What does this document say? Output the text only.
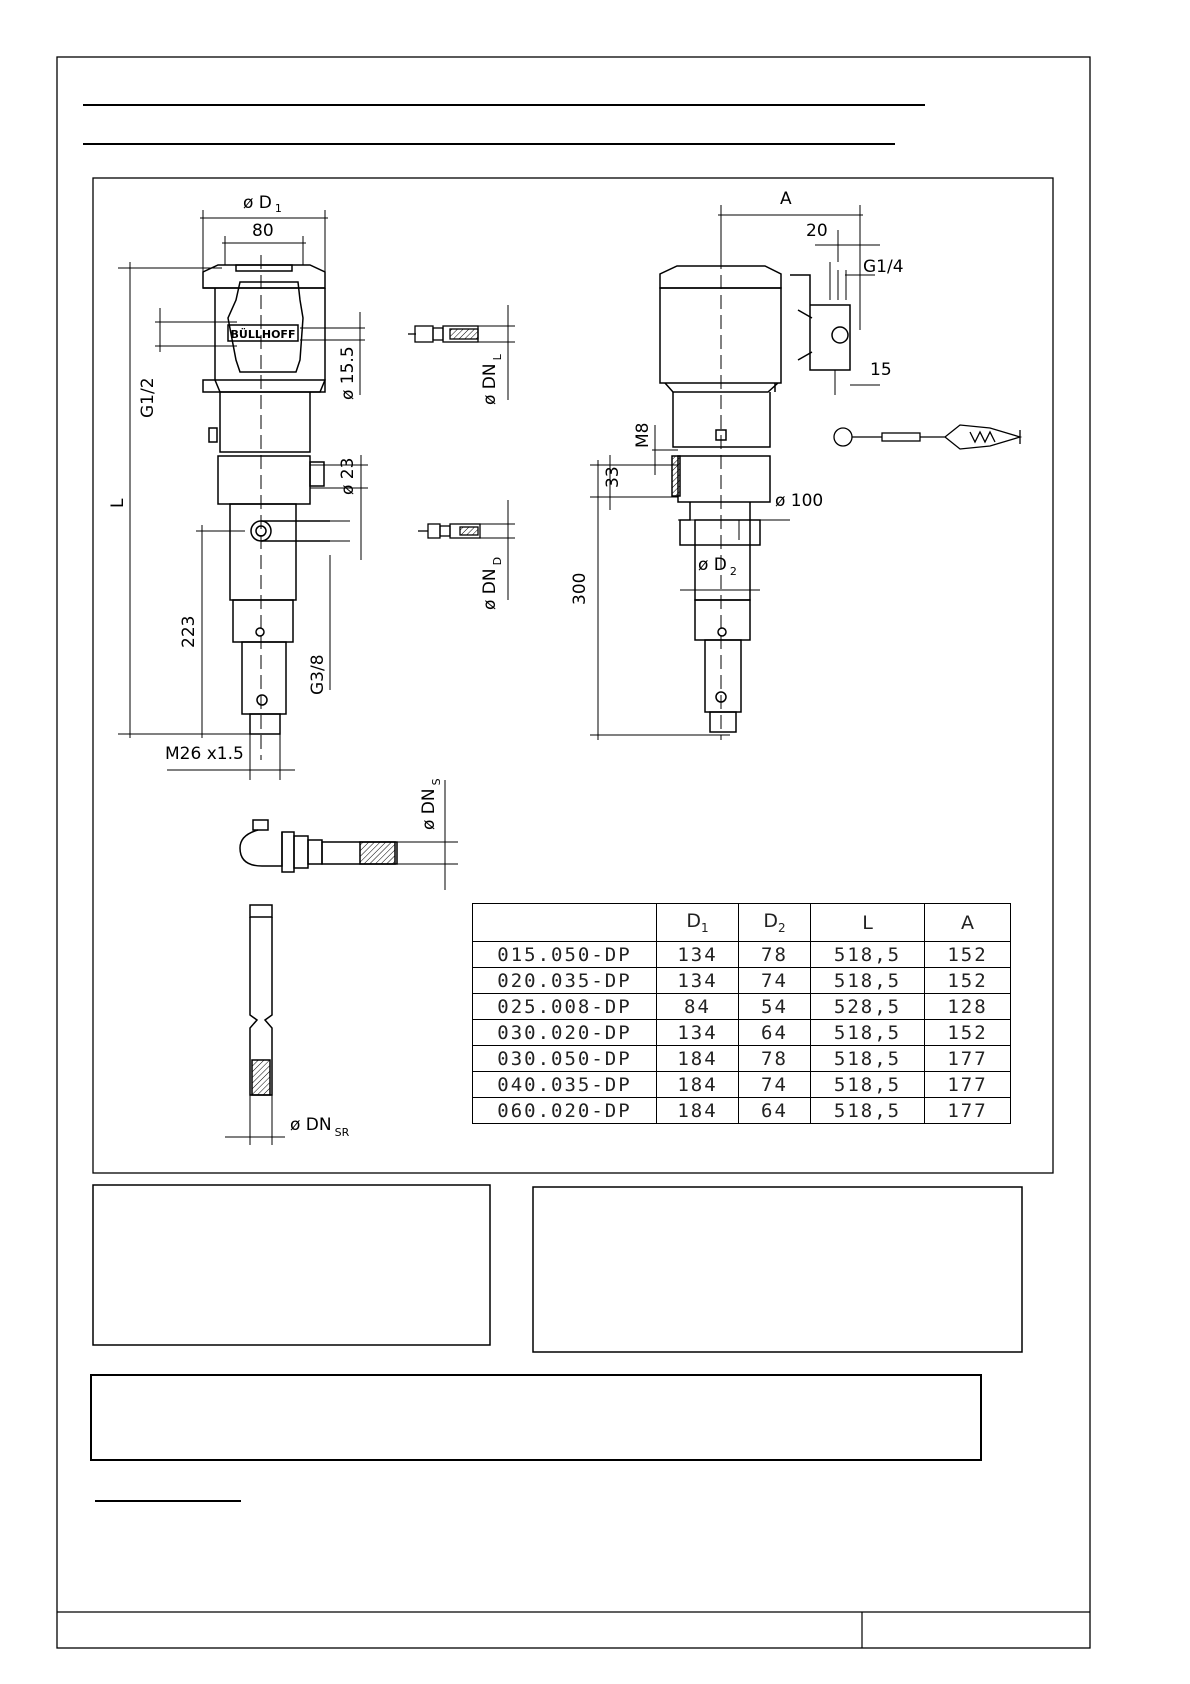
BÜLLHOFF
ø D $_1$
80
G1/2
L
ø 15.5
ø 23
223
G3/8
M26 x1.5
ø $DN_L$
ø $DN_D$
ø $DN_S$
ø DN $_{SR}$
A
20
G1/4
15
M8
33
ø 100
ø D $_2$
300
	$D_1$	$D_2$	L	A
015.050-DP	134	78	518,5	152
020.035-DP	134	74	518,5	152
025.008-DP	84	54	528,5	128
030.020-DP	134	64	518,5	152
030.050-DP	184	78	518,5	177
040.035-DP	184	74	518,5	177
060.020-DP	184	64	518,5	177
